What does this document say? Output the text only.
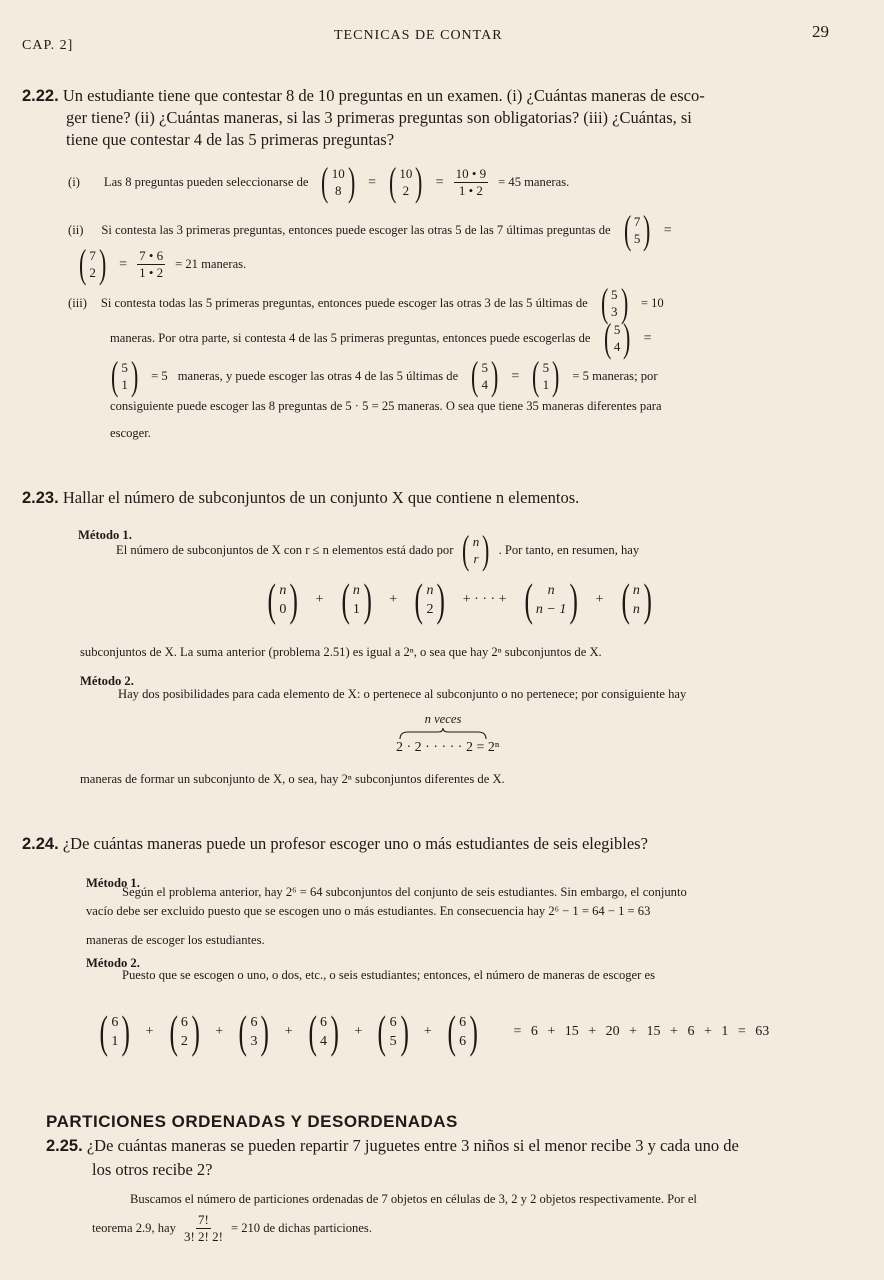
CAP. 2]
TECNICAS DE CONTAR	29
2.22. Un estudiante tiene que contestar 8 de 10 preguntas en un examen. (i) ¿Cuántas maneras de esco-
ger tiene? (ii) ¿Cuántas maneras, si las 3 primeras preguntas son obligatorias? (iii) ¿Cuántas, si
tiene que contestar 4 de las 5 primeras preguntas?
(i) Las 8 preguntas pueden seleccionarse de ( 10
8 ) = ( 10
2 ) = $\frac{10 • 9}{1 • 2} = 45$ maneras.
(ii) Si contesta las 3 primeras preguntas, entonces puede escoger las otras 5 de las 7 últimas preguntas de ( 7
5 ) =
( 7
2 ) = $\frac{7 • 6}{1 • 2} = 21$ maneras.
(iii) Si contesta todas las 5 primeras preguntas, entonces puede escoger las otras 3 de las 5 últimas de ( 5
3 ) = 10
maneras. Por otra parte, si contesta 4 de las 5 primeras preguntas, entonces puede escogerlas de ( 5
4 ) =
( 5
1 ) = 5 maneras, y puede escoger las otras 4 de las 5 últimas de ( 5
4 ) = ( 5
1 ) = 5 maneras; por
consiguiente puede escoger las 8 preguntas de 5 · 5 = 25 maneras. O sea que tiene 35 maneras diferentes para
escoger.
2.23. Hallar el número de subconjuntos de un conjunto X que contiene n elementos.
Método 1.
El número de subconjuntos de X con r ≤ n elementos está dado por ( n
r ) . Por tanto, en resumen, hay
( n
0 ) + ( n
1 ) + ( n
2 ) + · · · + ( n
n − 1 ) + ( n
n )
subconjuntos de X. La suma anterior (problema 2.51) es igual a 2ⁿ, o sea que hay 2ⁿ subconjuntos de X.
Método 2.
Hay dos posibilidades para cada elemento de X: o pertenece al subconjunto o no pertenece; por consiguiente hay
n veces
2 · 2 · · · · · 2 = 2ⁿ
maneras de formar un subconjunto de X, o sea, hay 2ⁿ subconjuntos diferentes de X.
2.24. ¿De cuántas maneras puede un profesor escoger uno o más estudiantes de seis elegibles?
Método 1.
Según el problema anterior, hay 2⁶ = 64 subconjuntos del conjunto de seis estudiantes. Sin embargo, el conjunto
vacío debe ser excluido puesto que se escogen uno o más estudiantes. En consecuencia hay 2⁶ − 1 = 64 − 1 = 63
maneras de escoger los estudiantes.
Método 2.
Puesto que se escogen o uno, o dos, etc., o seis estudiantes; entonces, el número de maneras de escoger es
( 6
1 ) + ( 6
2 ) + ( 6
3 ) + ( 6
4 ) + ( 6
5 ) + ( 6
6 )	= 6 + 15 + 20 + 15 + 6 + 1 = 63
PARTICIONES ORDENADAS Y DESORDENADAS
2.25. ¿De cuántas maneras se pueden repartir 7 juguetes entre 3 niños si el menor recibe 3 y cada uno de
los otros recibe 2?
Buscamos el número de particiones ordenadas de 7 objetos en células de 3, 2 y 2 objetos respectivamente. Por el
teorema 2.9, hay $\frac{7!}{3! 2! 2!} = 210$ de dichas particiones.
